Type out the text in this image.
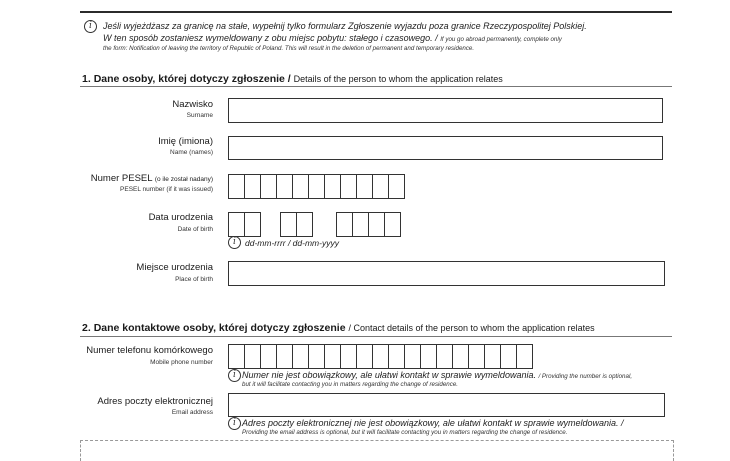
i	Jeśli wyjeżdżasz za granicę na stałe, wypełnij tylko formularz Zgłoszenie wyjazdu poza granice Rzeczypospolitej Polskiej.
W ten sposób zostaniesz wymeldowany z obu miejsc pobytu: stałego i czasowego. / If you go abroad permanently, complete only
the form: Notification of leaving the territory of Republic of Poland. This will result in the deletion of permanent and temporary residence.
1. Dane osoby, której dotyczy zgłoszenie / Details of the person to whom the application relates
Nazwisko
Surname
Imię (imiona)
Name (names)
Numer PESEL (o ile został nadany)
PESEL number (if it was issued)
Data urodzenia
Date of birth
i	dd-mm-rrrr / dd-mm-yyyy
Miejsce urodzenia
Place of birth
2. Dane kontaktowe osoby, której dotyczy zgłoszenie / Contact details of the person to whom the application relates
Numer telefonu komórkowego
Mobile phone number
i Numer nie jest obowiązkowy, ale ułatwi kontakt w sprawie wymeldowania. / Providing the number is optional,
but it will facilitate contacting you in matters regarding the change of residence.
Adres poczty elektronicznej
Email address
i Adres poczty elektronicznej nie jest obowiązkowy, ale ułatwi kontakt w sprawie wymeldowania. /
Providing the email address is optional, but it will facilitate contacting you in matters regarding the change of residence.
